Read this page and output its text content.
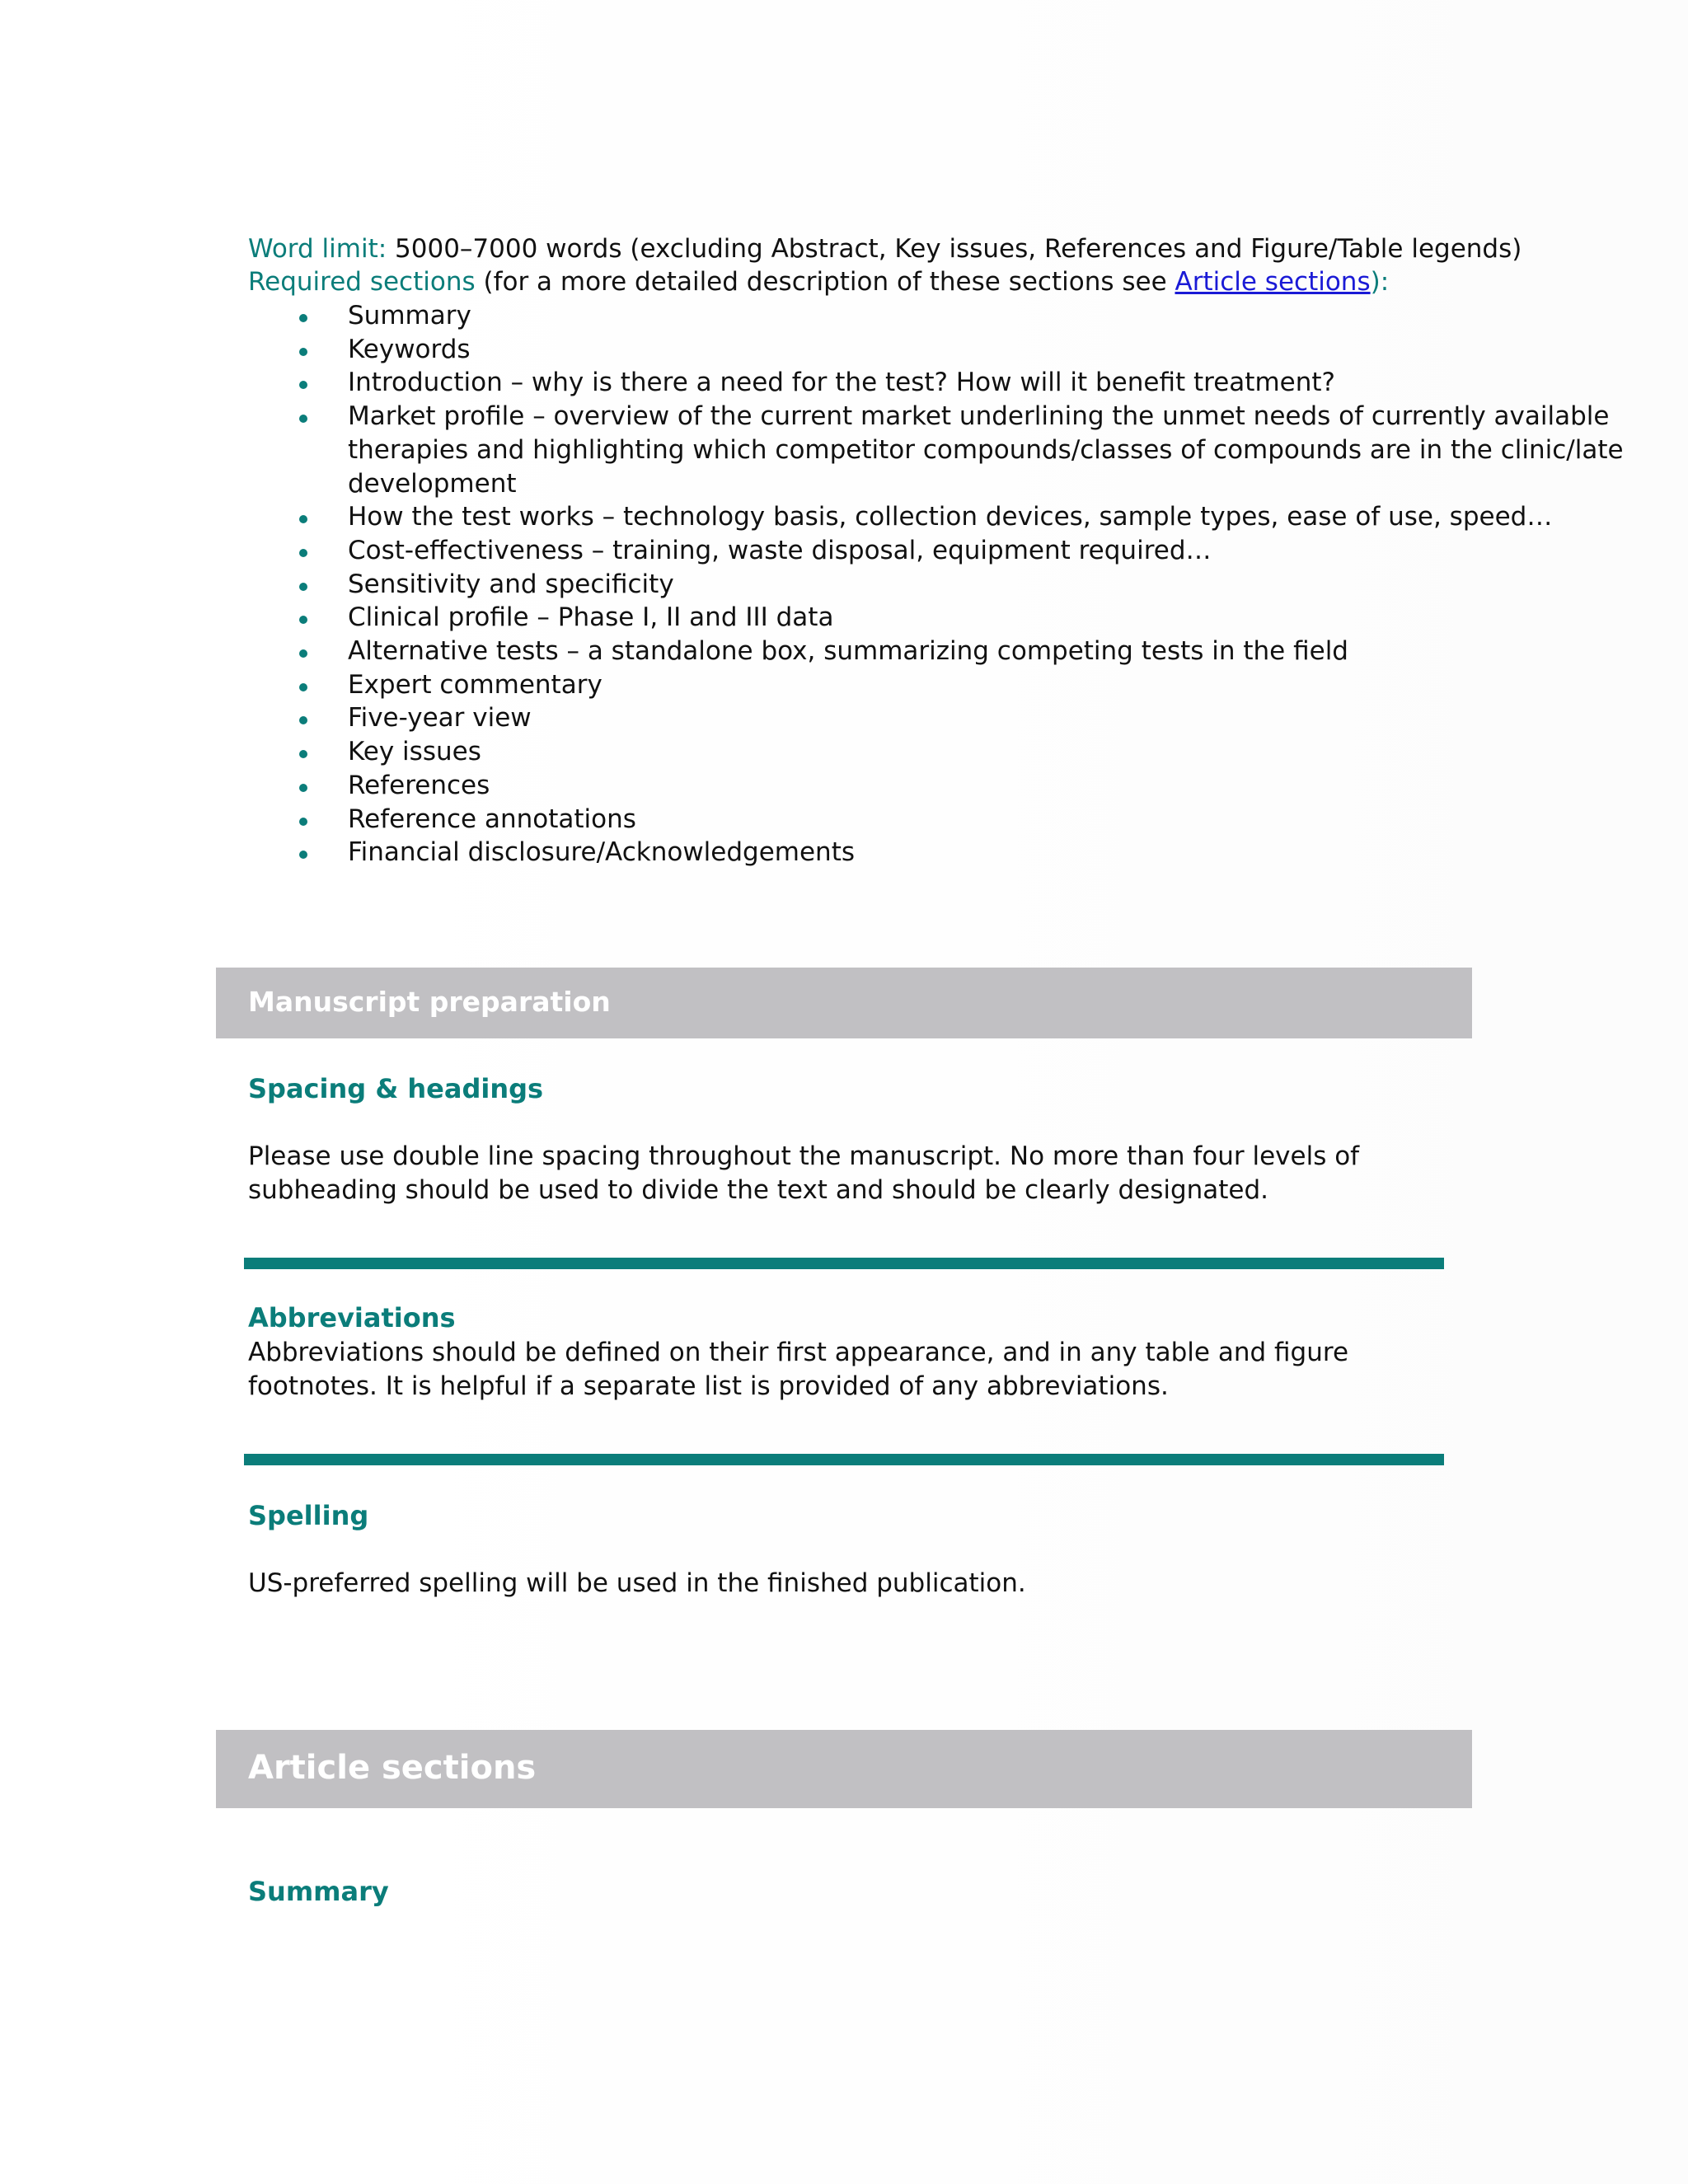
Word limit: 5000–7000 words (excluding Abstract, Key issues, References and Figure/Table legends)
Required sections (for a more detailed description of these sections see Article sections):
Summary
Keywords
Introduction – why is there a need for the test? How will it benefit treatment?
Market profile – overview of the current market underlining the unmet needs of currently available therapies and highlighting which competitor compounds/classes of compounds are in the clinic/late development
How the test works – technology basis, collection devices, sample types, ease of use, speed…
Cost-effectiveness – training, waste disposal, equipment required…
Sensitivity and specificity
Clinical profile – Phase I, II and III data
Alternative tests – a standalone box, summarizing competing tests in the field
Expert commentary
Five-year view
Key issues
References
Reference annotations
Financial disclosure/Acknowledgements
Manuscript preparation
Spacing & headings
Please use double line spacing throughout the manuscript. No more than four levels of subheading should be used to divide the text and should be clearly designated.
Abbreviations
Abbreviations should be defined on their first appearance, and in any table and figure footnotes. It is helpful if a separate list is provided of any abbreviations.
Spelling
US-preferred spelling will be used in the finished publication.
Article sections
Summary
